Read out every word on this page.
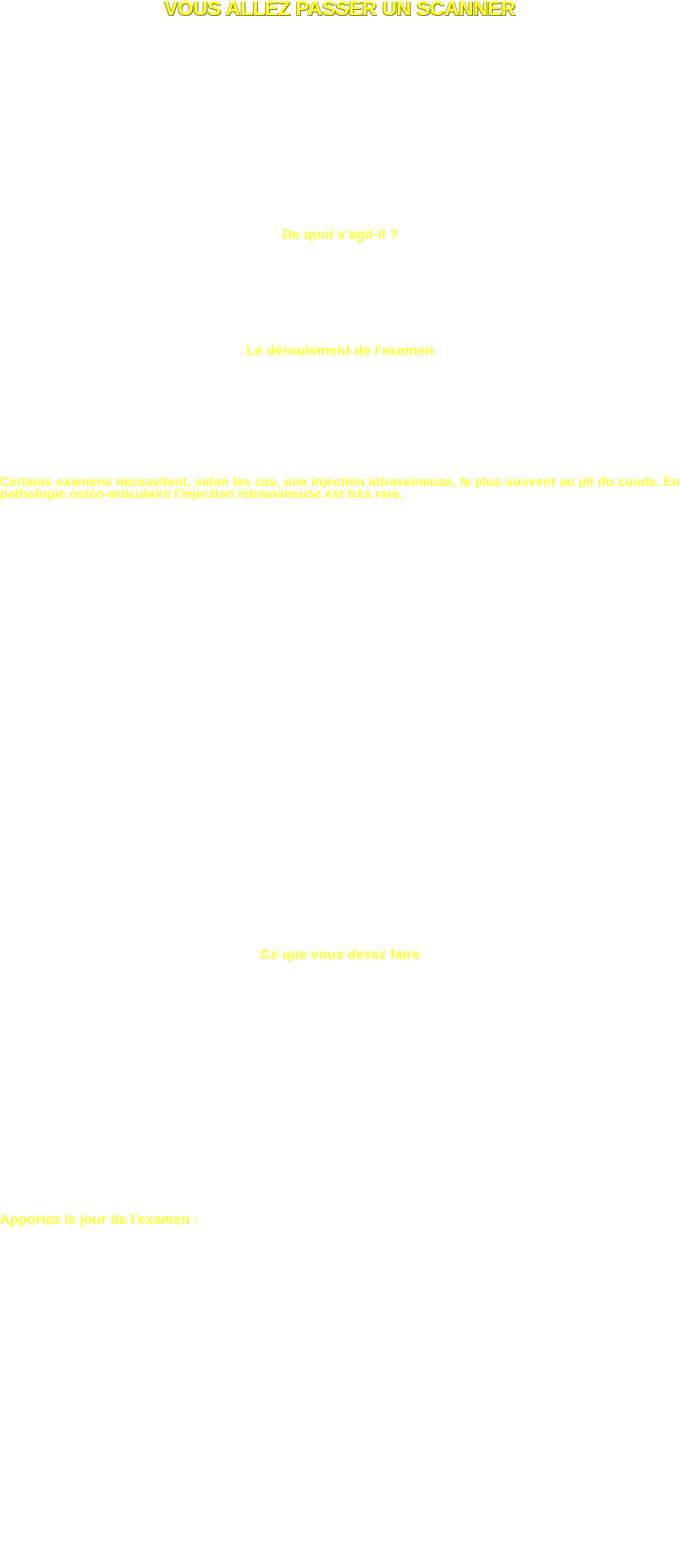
VOUS ALLEZ PASSER UN SCANNER
De quoi s'agit-il ?
Le déroulement de l'examen

Certains examens nécessitent, selon les cas, une injection intraveineuse, le plus souvent au pli du coude. En pathologie ostéo-articulaire l'injection intraveineuse est très rare.

Ce que vous devez faire
Apportez le jour de l'examen :
